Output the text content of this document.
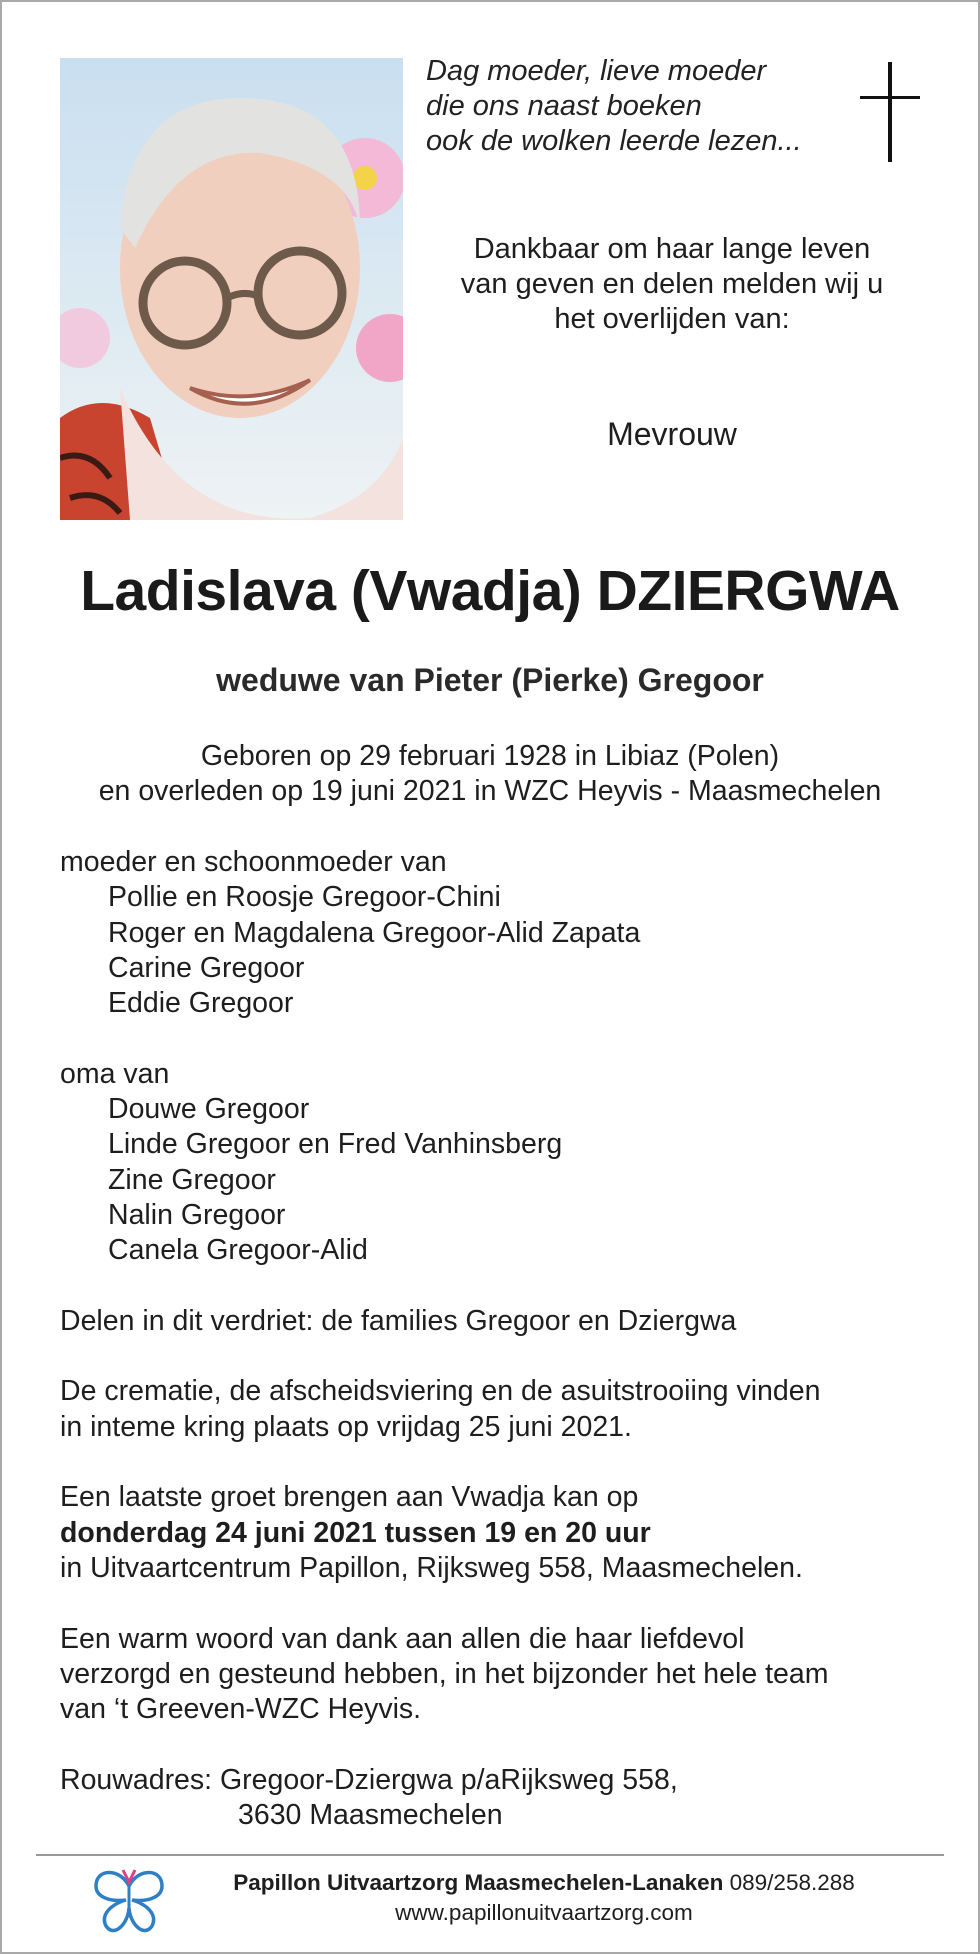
Dag moeder, lieve moeder
die ons naast boeken
ook de wolken leerde lezen...
Dankbaar om haar lange leven
van geven en delen melden wij u
het overlijden van:
Mevrouw
Ladislava (Vwadja) DZIERGWA
weduwe van Pieter (Pierke) Gregoor
Geboren op 29 februari 1928 in Libiaz (Polen)
en overleden op 19 juni 2021 in WZC Heyvis - Maasmechelen

moeder en schoonmoeder van

Pollie en Roosje Gregoor-Chini

Roger en Magdalena Gregoor-Alid Zapata

Carine Gregoor

Eddie Gregoor

oma van

Douwe Gregoor

Linde Gregoor en Fred Vanhinsberg

Zine Gregoor

Nalin Gregoor

Canela Gregoor-Alid

Delen in dit verdriet: de families Gregoor en Dziergwa

De crematie, de afscheidsviering en de asuitstrooiing vinden

in inteme kring plaats op vrijdag 25 juni 2021.

Een laatste groet brengen aan Vwadja kan op

donderdag 24 juni 2021 tussen 19 en 20 uur

in Uitvaartcentrum Papillon, Rijksweg 558, Maasmechelen.

Een warm woord van dank aan allen die haar liefdevol

verzorgd en gesteund hebben, in het bijzonder het hele team

van ‘t Greeven-WZC Heyvis.

Rouwadres: Gregoor-Dziergwa p/aRijksweg 558,

3630 Maasmechelen

Papillon Uitvaartzorg Maasmechelen-Lanaken 089/258.288
www.papillonuitvaartzorg.com
